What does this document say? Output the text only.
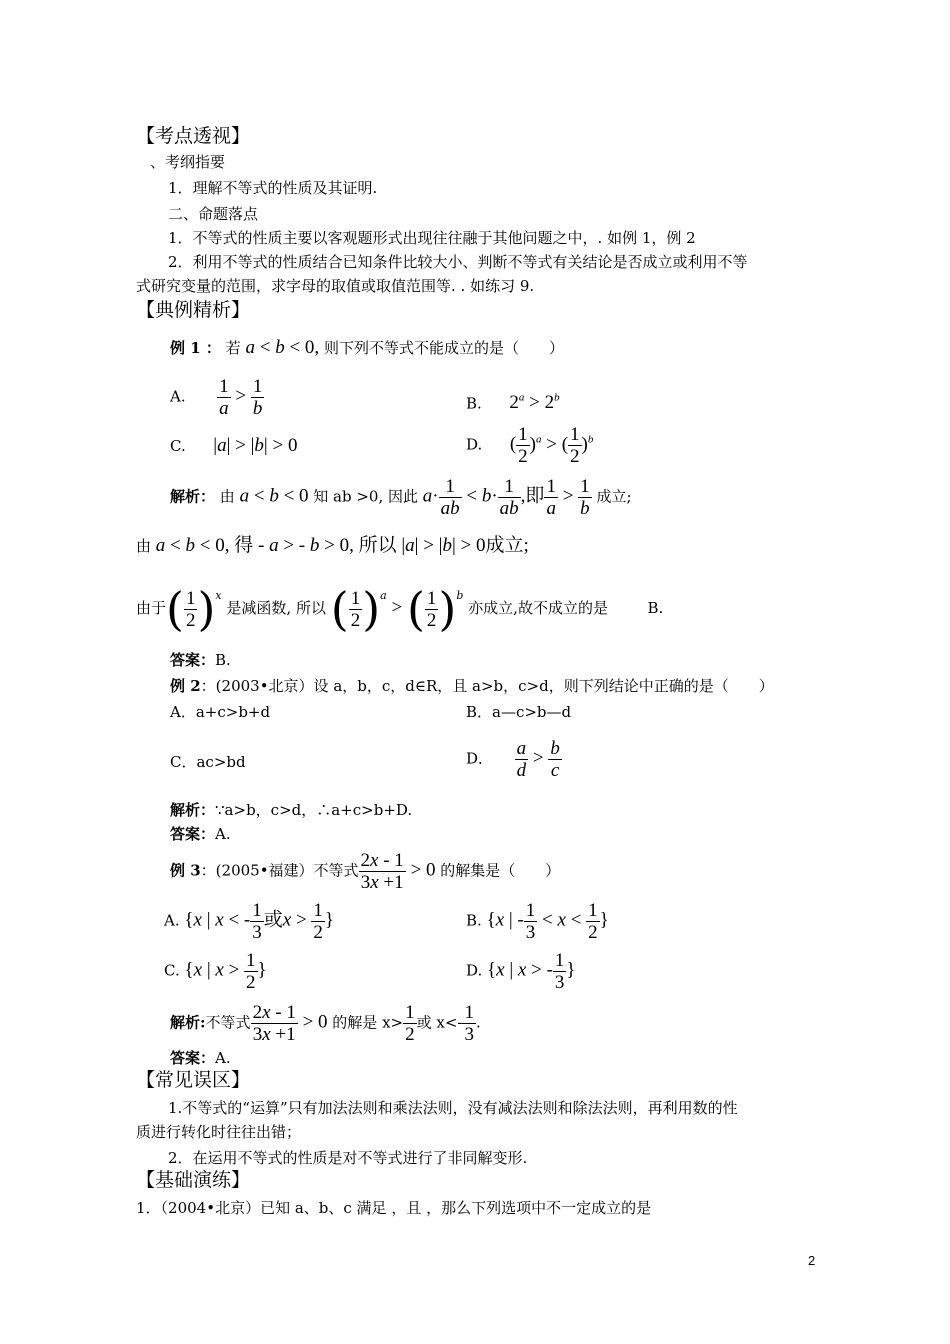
【考点透视】
、考纲指要
1．理解不等式的性质及其证明.
二、命题落点
1．不等式的性质主要以客观题形式出现往往融于其他问题之中，. 如例 1，例 2
2．利用不等式的性质结合已知条件比较大小、判断不等式有关结论是否成立或利用不等
式研究变量的范围，求字母的取值或取值范围等. . 如练习 9.
【典例精析】
例 1 ： 若 a < b < 0, 则下列不等式不能成立的是（　　）
A. $\frac{1}{a} > \frac{1}{b}$	B. $2^a > 2^b$
C. |a| > |b| > 0	D. ( $\frac{1}{2} )^a$ > ( $\frac{1}{2} )^b$
解析： 由 a < b < 0 知 ab >0, 因此 $a\cdot \frac{1}{ab} < b\cdot \frac{1}{ab}$ ,即 $\frac{1}{a} > \frac{1}{b}$ 成立;
由 a < b < 0, 得 - a > - b > 0, 所以 |a| > |b| > 0成立;
由于( $\frac{1}{2} )^x$ 是减函数, 所以 ( $\frac{1}{2} )^a$ > ( $\frac{1}{2} )^b$ 亦成立,故不成立的是	B.
答案：B.
例 2：(2003•北京）设 a，b，c，d∈R，且 a>b，c>d，则下列结论中正确的是（　　）
A．a+c>b+d	B．a—c>b—d
C．ac>bd	D． $\frac{a}{d} > \frac{b}{c}$
解析：∵a>b，c>d，∴a+c>b+D.
答案：A.
例 3：(2005•福建）不等式 $\frac{2x - 1}{3x +1} > 0$ 的解集是（　　）
A. {x | x < - $\frac{1}{3}$ 或$x > \frac{1}{2}$ }	B. {x | - $\frac{1}{3} < x < \frac{1}{2}$ }
C. {x | $x > \frac{1}{2}$ }	D. {x | x > - $\frac{1}{3}$ }
解析:不等式 $\frac{2x - 1}{3x +1} > 0$ 的解是 $x> \frac{1}{2}$ 或 $x<- \frac{1}{3}$ .
答案：A.
【常见误区】
1.不等式的“运算”只有加法法则和乘法法则，没有减法法则和除法法则，再利用数的性
质进行转化时往往出错；
2．在运用不等式的性质是对不等式进行了非同解变形.
【基础演练】
1．（2004•北京）已知 a、b、c 满足 ，且 ，那么下列选项中不一定成立的是
2
